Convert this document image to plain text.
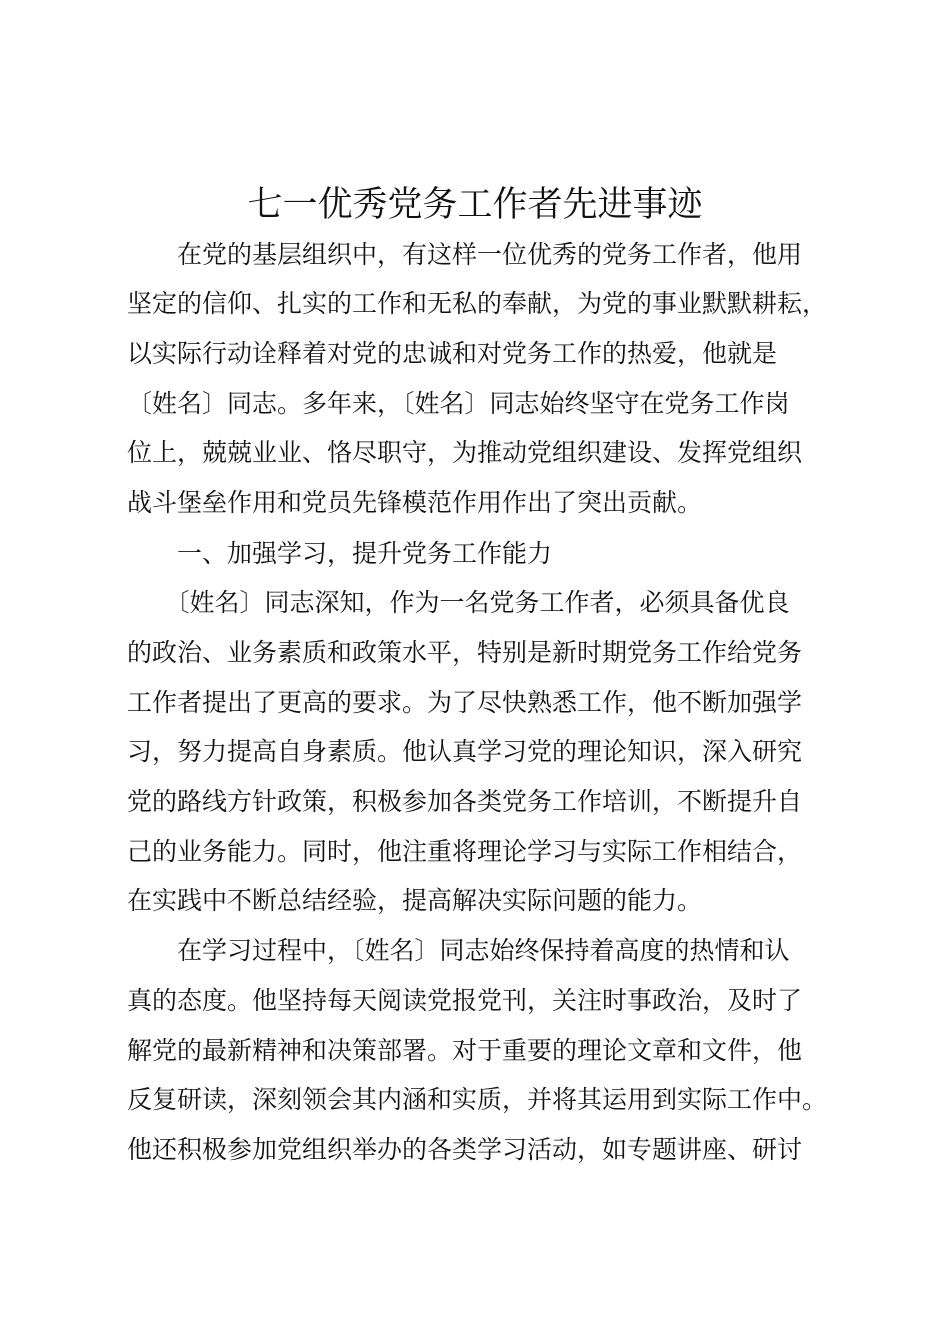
七一优秀党务工作者先进事迹

　　在党的基层组织中，有这样一位优秀的党务工作者，他用

坚定的信仰、扎实的工作和无私的奉献，为党的事业默默耕耘，

以实际行动诠释着对党的忠诚和对党务工作的热爱，他就是

〔姓名〕同志。多年来，〔姓名〕同志始终坚守在党务工作岗

位上，兢兢业业、恪尽职守，为推动党组织建设、发挥党组织

战斗堡垒作用和党员先锋模范作用作出了突出贡献。

　　一、加强学习，提升党务工作能力

　　〔姓名〕同志深知，作为一名党务工作者，必须具备优良

的政治、业务素质和政策水平，特别是新时期党务工作给党务

工作者提出了更高的要求。为了尽快熟悉工作，他不断加强学

习，努力提高自身素质。他认真学习党的理论知识，深入研究

党的路线方针政策，积极参加各类党务工作培训，不断提升自

己的业务能力。同时，他注重将理论学习与实际工作相结合，

在实践中不断总结经验，提高解决实际问题的能力。

　　在学习过程中，〔姓名〕同志始终保持着高度的热情和认

真的态度。他坚持每天阅读党报党刊，关注时事政治，及时了

解党的最新精神和决策部署。对于重要的理论文章和文件，他

反复研读，深刻领会其内涵和实质，并将其运用到实际工作中。

他还积极参加党组织举办的各类学习活动，如专题讲座、研讨
